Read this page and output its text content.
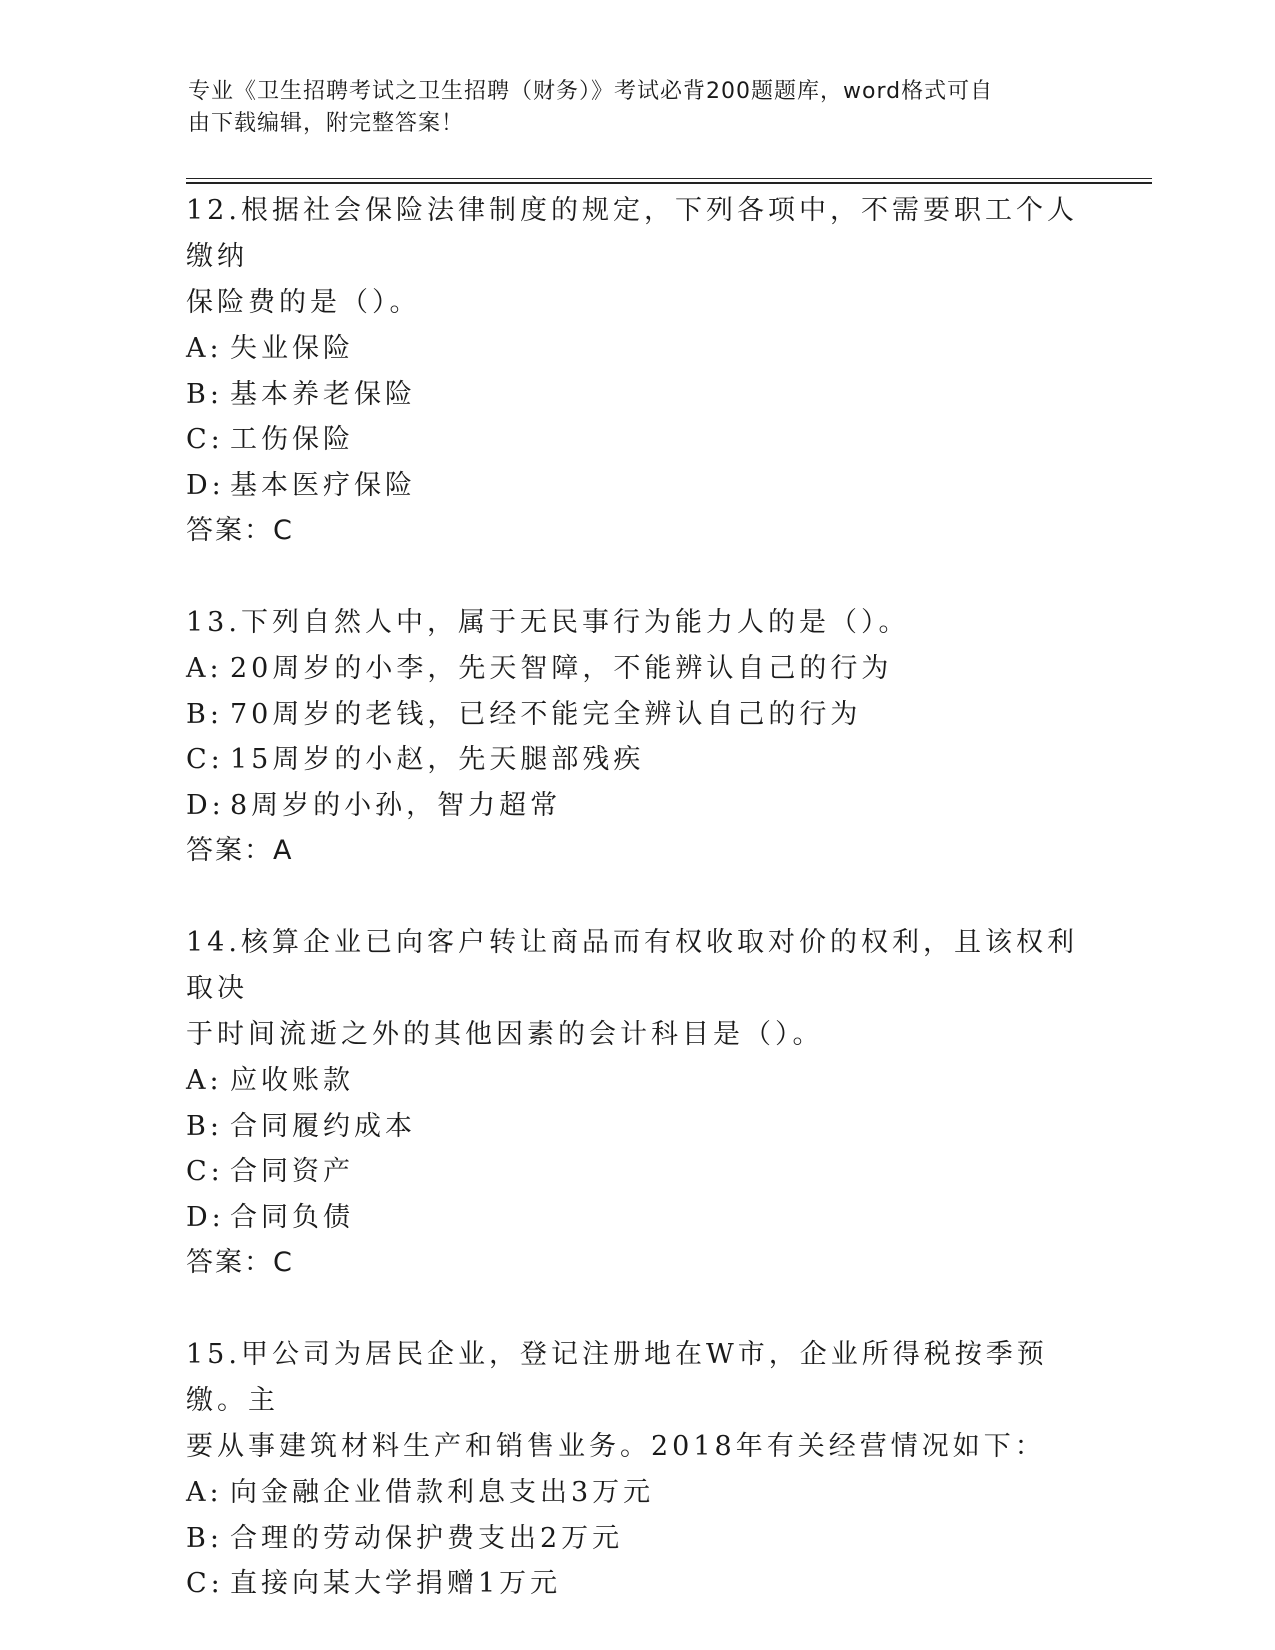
专业《卫生招聘考试之卫生招聘（财务）》考试必背200题题库，word格式可自
由下载编辑，附完整答案！

12.根据社会保险法律制度的规定，下列各项中，不需要职工个人缴纳

保险费的是（）。

A: 失业保险

B: 基本养老保险

C: 工伤保险

D: 基本医疗保险

答案：C

13.下列自然人中，属于无民事行为能力人的是（）。

A: 20周岁的小李，先天智障，不能辨认自己的行为

B: 70周岁的老钱，已经不能完全辨认自己的行为

C: 15周岁的小赵，先天腿部残疾

D: 8周岁的小孙，智力超常

答案：A

14.核算企业已向客户转让商品而有权收取对价的权利，且该权利取决

于时间流逝之外的其他因素的会计科目是（）。

A: 应收账款

B: 合同履约成本

C: 合同资产

D: 合同负债

答案：C

15.甲公司为居民企业，登记注册地在W市，企业所得税按季预缴。主

要从事建筑材料生产和销售业务。2018年有关经营情况如下：

A: 向金融企业借款利息支出3万元

B: 合理的劳动保护费支出2万元

C: 直接向某大学捐赠1万元
